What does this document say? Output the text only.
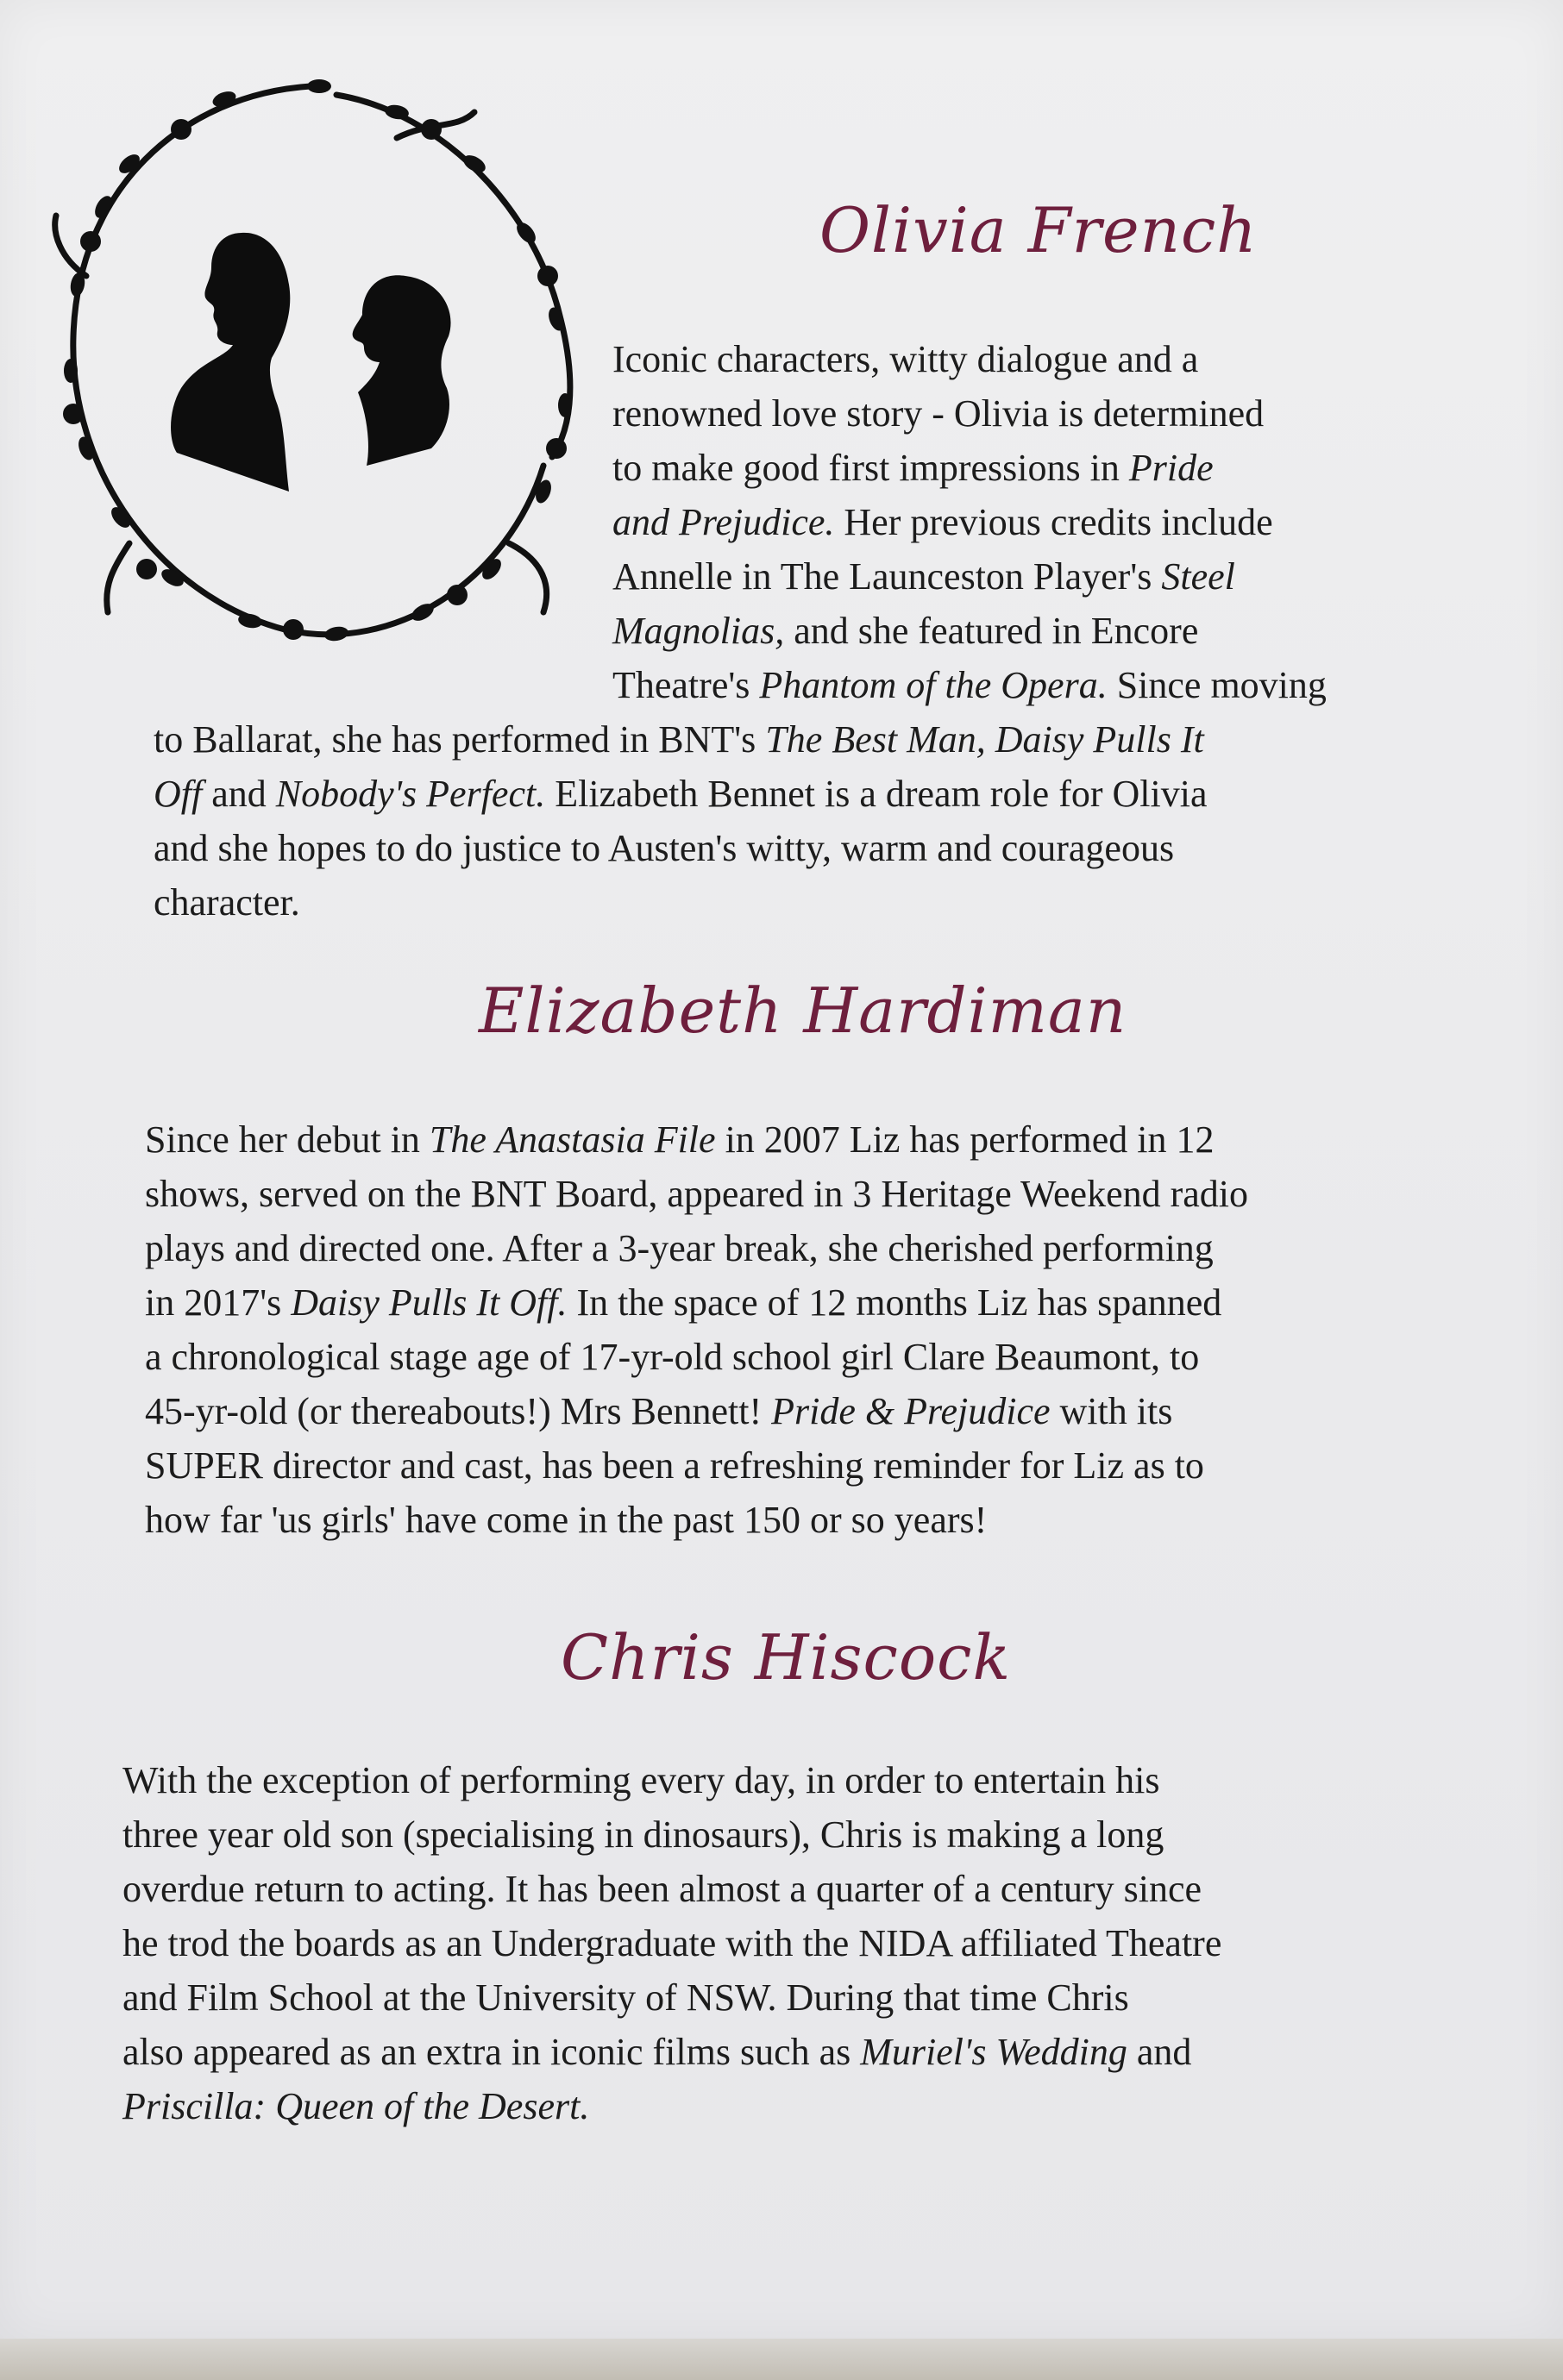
Olivia French
Iconic characters, witty dialogue and a
renowned love story - Olivia is determined
to make good first impressions in Pride
and Prejudice. Her previous credits include
Annelle in The Launceston Player's Steel
Magnolias, and she featured in Encore
Theatre's Phantom of the Opera. Since moving
to Ballarat, she has performed in BNT's The Best Man, Daisy Pulls It
Off and Nobody's Perfect. Elizabeth Bennet is a dream role for Olivia
and she hopes to do justice to Austen's witty, warm and courageous
character.
Elizabeth Hardiman
Since her debut in The Anastasia File in 2007 Liz has performed in 12
shows, served on the BNT Board, appeared in 3 Heritage Weekend radio
plays and directed one. After a 3-year break, she cherished performing
in 2017's Daisy Pulls It Off. In the space of 12 months Liz has spanned
a chronological stage age of 17-yr-old school girl Clare Beaumont, to
45-yr-old (or thereabouts!) Mrs Bennett! Pride & Prejudice with its
SUPER director and cast, has been a refreshing reminder for Liz as to
how far 'us girls' have come in the past 150 or so years!
Chris Hiscock
With the exception of performing every day, in order to entertain his
three year old son (specialising in dinosaurs), Chris is making a long
overdue return to acting. It has been almost a quarter of a century since
he trod the boards as an Undergraduate with the NIDA affiliated Theatre
and Film School at the University of NSW. During that time Chris
also appeared as an extra in iconic films such as Muriel's Wedding and
Priscilla: Queen of the Desert.
